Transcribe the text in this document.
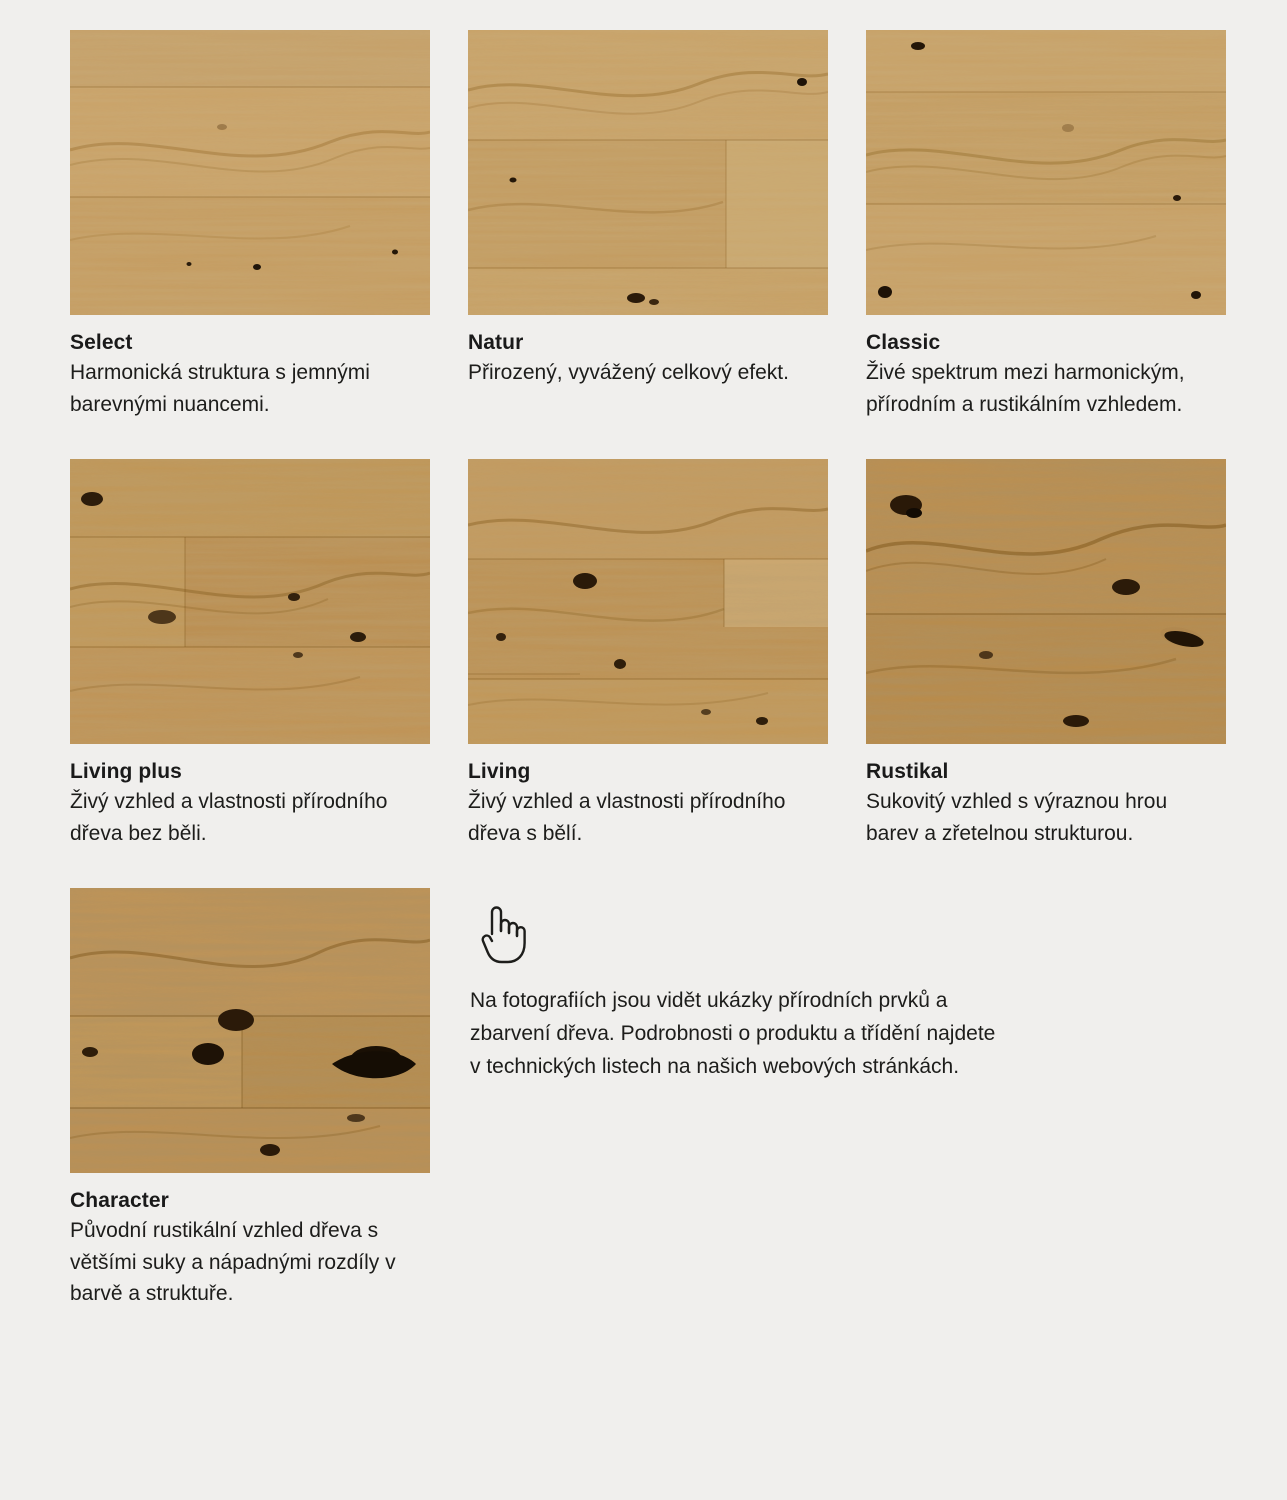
Select
Harmonická struktura s jemnými barevnými nuancemi.
Natur
Přirozený, vyvážený celkový efekt.
Classic
Živé spektrum mezi harmonickým, přírodním a rustikálním vzhledem.
Living plus
Živý vzhled a vlastnosti přírodního dřeva bez běli.
Living
Živý vzhled a vlastnosti přírodního dřeva s bělí.
Rustikal
Sukovitý vzhled s výraznou hrou barev a zřetelnou strukturou.
Character
Původní rustikální vzhled dřeva s většími suky a nápadnými rozdíly v barvě a struktuře.
Na fotografiích jsou vidět ukázky přírodních prvků a zbarvení dřeva. Podrobnosti o produktu a třídění najdete v technických listech na našich webových stránkách.
